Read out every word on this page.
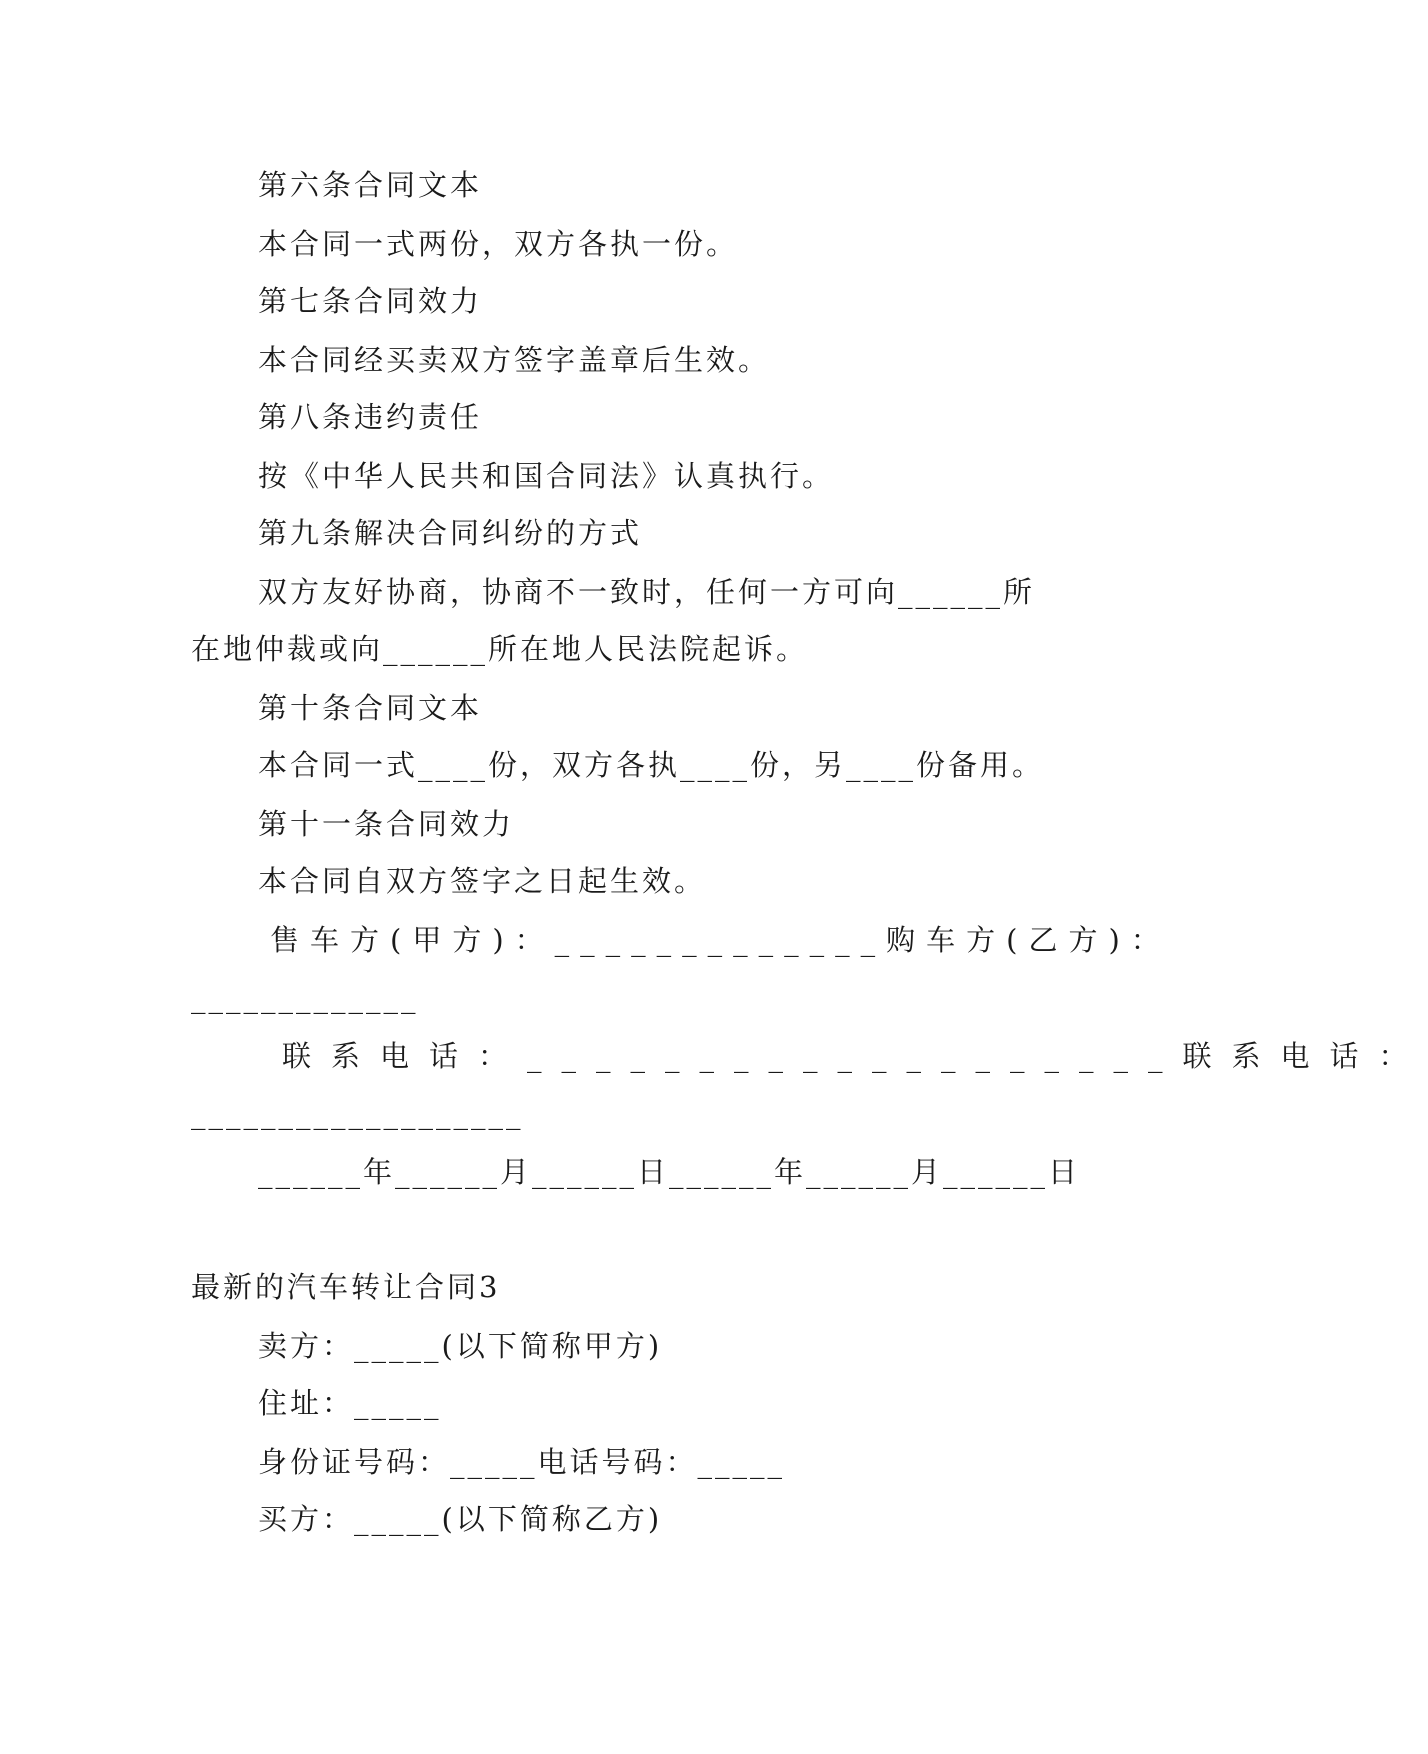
第六条合同文本
本合同一式两份，双方各执一份。
第七条合同效力
本合同经买卖双方签字盖章后生效。
第八条违约责任
按《中华人民共和国合同法》认真执行。
第九条解决合同纠纷的方式
双方友好协商，协商不一致时，任何一方可向______所
在地仲裁或向______所在地人民法院起诉。
第十条合同文本
本合同一式____份，双方各执____份，另____份备用。
第十一条合同效力
本合同自双方签字之日起生效。
售车方(甲方)：_____________购车方(乙方)：
_____________
联系电话：___________________联系电话：
___________________
______年______月______日______年______月______日
最新的汽车转让合同3
卖方：_____(以下简称甲方)
住址：_____
身份证号码：_____电话号码：_____
买方：_____(以下简称乙方)
